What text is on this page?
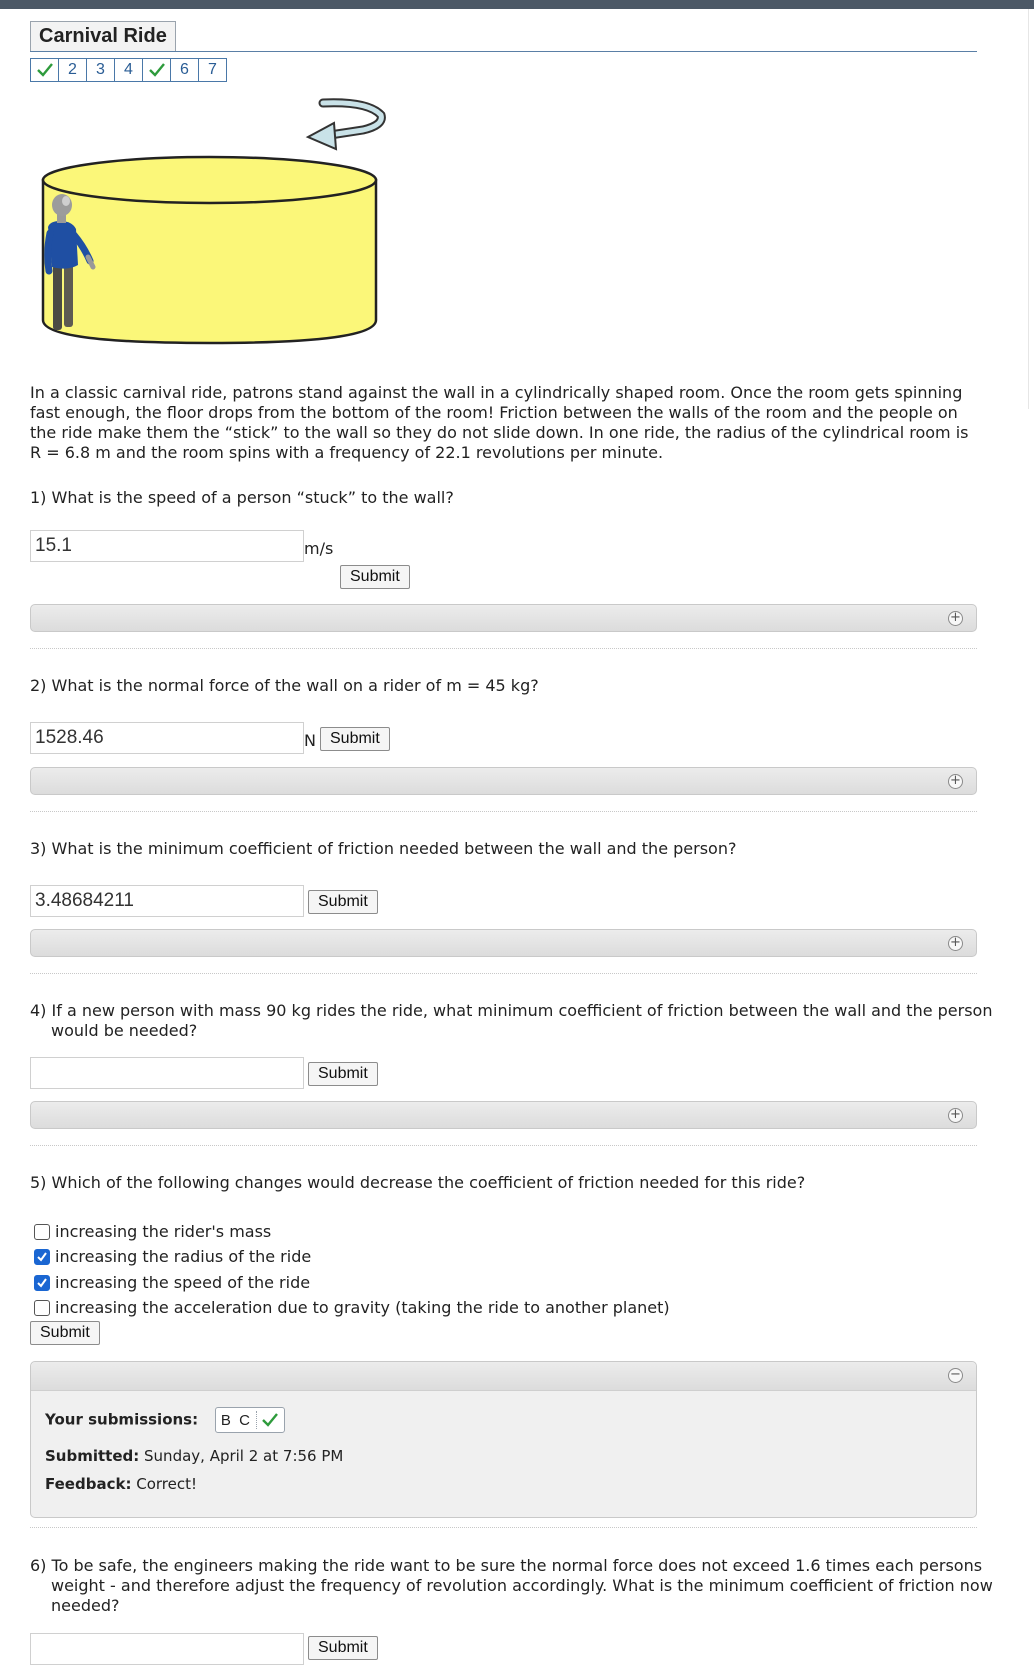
Carnival Ride
2	3	4	6	7
In a classic carnival ride, patrons stand against the wall in a cylindrically shaped room. Once the room gets spinning fast enough, the floor drops from the bottom of the room! Friction between the walls of the room and the people on the ride make them the “stick” to the wall so they do not slide down. In one ride, the radius of the cylindrical room is R = 6.8 m and the room spins with a frequency of 22.1 revolutions per minute.
1) What is the speed of a person “stuck” to the wall?
15.1	m/s
Submit
+
2) What is the normal force of the wall on a rider of m = 45 kg?
1528.46	N Submit
+
3) What is the minimum coefficient of friction needed between the wall and the person?
3.48684211	Submit
+
4) If a new person with mass 90 kg rides the ride, what minimum coefficient of friction between the wall and the person would be needed?
Submit
+
5) Which of the following changes would decrease the coefficient of friction needed for this ride?
increasing the rider's mass
increasing the radius of the ride
increasing the speed of the ride
increasing the acceleration due to gravity (taking the ride to another planet)
Submit
−
Your submissions: B C
Submitted: Sunday, April 2 at 7:56 PM
Feedback: Correct!
6) To be safe, the engineers making the ride want to be sure the normal force does not exceed 1.6 times each persons weight - and therefore adjust the frequency of revolution accordingly. What is the minimum coefficient of friction now needed?
Submit
